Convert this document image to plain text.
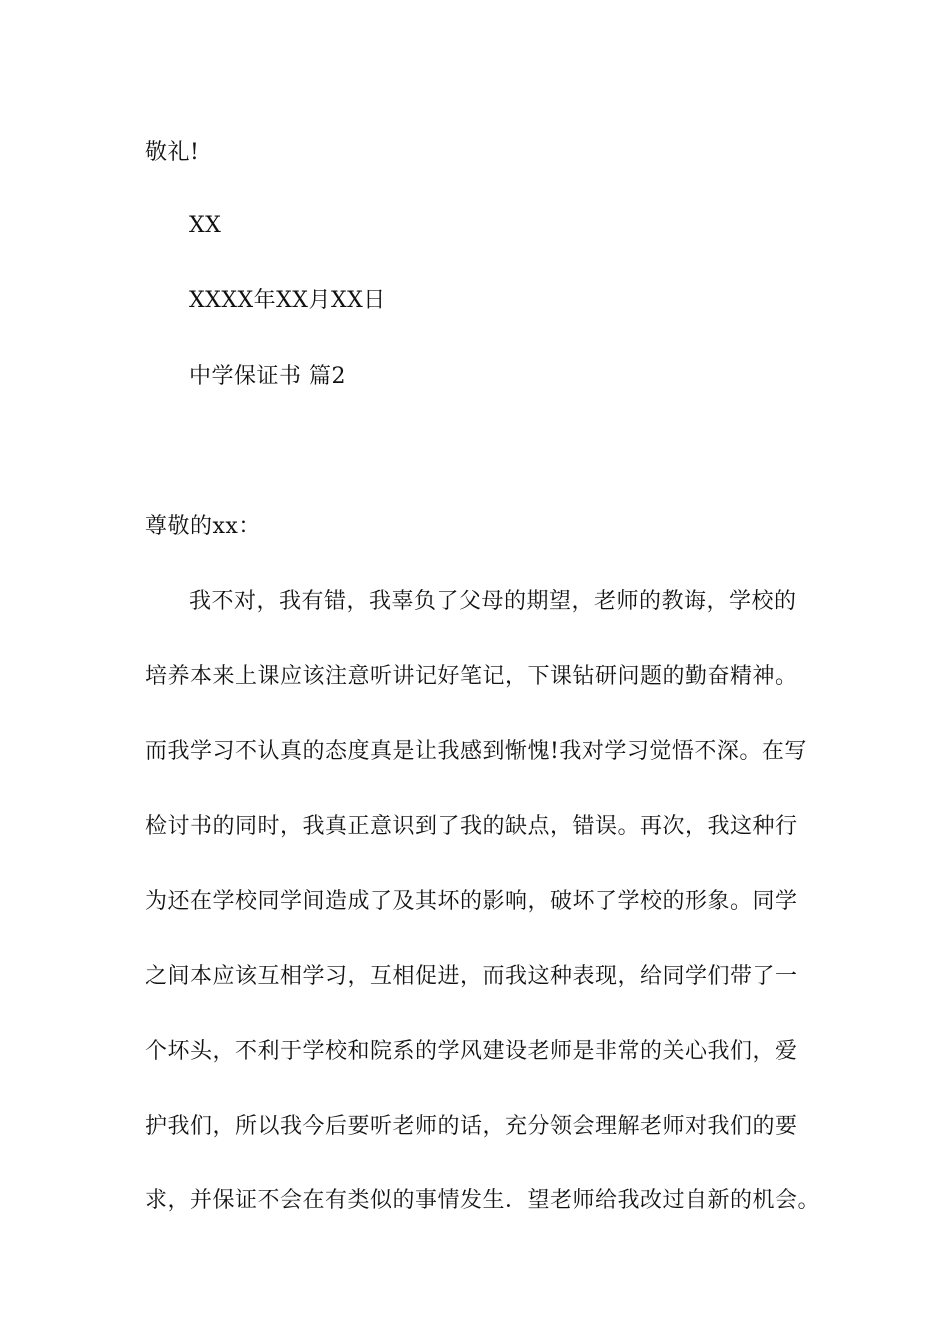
敬礼!
XX
XXXX年XX月XX日
中学保证书 篇2
尊敬的xx：
我不对，我有错，我辜负了父母的期望，老师的教诲，学校的
培养本来上课应该注意听讲记好笔记，下课钻研问题的勤奋精神。
而我学习不认真的态度真是让我感到惭愧!我对学习觉悟不深。在写
检讨书的同时，我真正意识到了我的缺点，错误。再次，我这种行
为还在学校同学间造成了及其坏的影响，破坏了学校的形象。同学
之间本应该互相学习，互相促进，而我这种表现，给同学们带了一
个坏头，不利于学校和院系的学风建设老师是非常的关心我们，爱
护我们，所以我今后要听老师的话，充分领会理解老师对我们的要
求，并保证不会在有类似的事情发生．望老师给我改过自新的机会。
